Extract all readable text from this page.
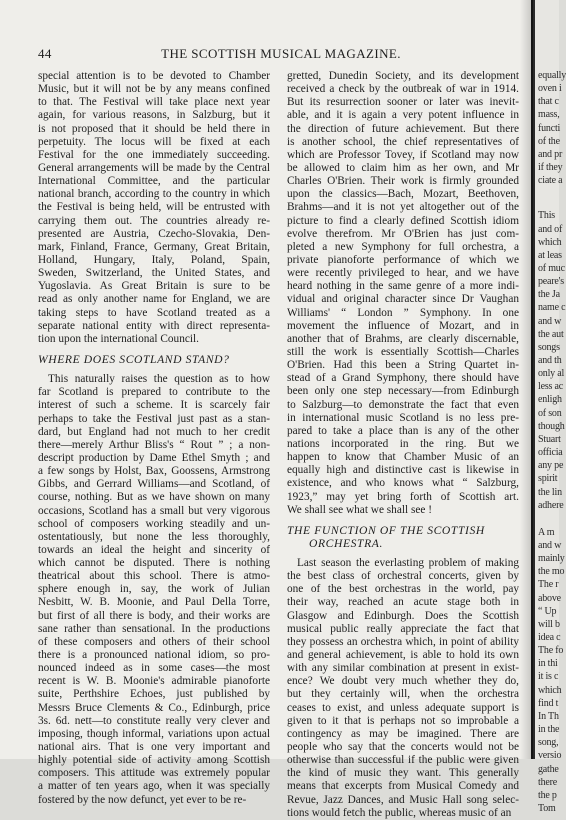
44	THE SCOTTISH MUSICAL MAGAZINE.
special attention is to be devoted to Chamber
Music, but it will not be by any means confined
to that. The Festival will take place next year
again, for various reasons, in Salzburg, but it
is not proposed that it should be held there in
perpetuity. The locus will be fixed at each
Festival for the one immediately succeeding.
General arrangements will be made by the Central
International Committee, and the particular
national branch, according to the country in which
the Festival is being held, will be entrusted with
carrying them out. The countries already re-
presented are Austria, Czecho-Slovakia, Den-
mark, Finland, France, Germany, Great Britain,
Holland, Hungary, Italy, Poland, Spain,
Sweden, Switzerland, the United States, and
Yugoslavia. As Great Britain is sure to be
read as only another name for England, we are
taking steps to have Scotland treated as a
separate national entity with direct representa-
tion upon the international Council.
WHERE DOES SCOTLAND STAND?
This naturally raises the question as to how
far Scotland is prepared to contribute to the
interest of such a scheme. It is scarcely fair
perhaps to take the Festival just past as a stan-
dard, but England had not much to her credit
there—merely Arthur Bliss's “ Rout ” ; a non-
descript production by Dame Ethel Smyth ; and
a few songs by Holst, Bax, Goossens, Armstrong
Gibbs, and Gerrard Williams—and Scotland, of
course, nothing. But as we have shown on many
occasions, Scotland has a small but very vigorous
school of composers working steadily and un-
ostentatiously, but none the less thoroughly,
towards an ideal the height and sincerity of
which cannot be disputed. There is nothing
theatrical about this school. There is atmo-
sphere enough in, say, the work of Julian
Nesbitt, W. B. Moonie, and Paul Della Torre,
but first of all there is body, and their works are
sane rather than sensational. In the productions
of these composers and others of their school
there is a pronounced national idiom, so pro-
nounced indeed as in some cases—the most
recent is W. B. Moonie's admirable pianoforte
suite, Perthshire Echoes, just published by
Messrs Bruce Clements & Co., Edinburgh, price
3s. 6d. nett—to constitute really very clever and
imposing, though informal, variations upon actual
national airs. That is one very important and
highly potential side of activity among Scottish
composers. This attitude was extremely popular
a matter of ten years ago, when it was specially
fostered by the now defunct, yet ever to be re-
gretted, Dunedin Society, and its development
received a check by the outbreak of war in 1914.
But its resurrection sooner or later was inevit-
able, and it is again a very potent influence in
the direction of future achievement. But there
is another school, the chief representatives of
which are Professor Tovey, if Scotland may now
be allowed to claim him as her own, and Mr
Charles O'Brien. Their work is firmly grounded
upon the classics—Bach, Mozart, Beethoven,
Brahms—and it is not yet altogether out of the
picture to find a clearly defined Scottish idiom
evolve therefrom. Mr O'Brien has just com-
pleted a new Symphony for full orchestra, a
private pianoforte performance of which we
were recently privileged to hear, and we have
heard nothing in the same genre of a more indi-
vidual and original character since Dr Vaughan
Williams' “ London ” Symphony. In one
movement the influence of Mozart, and in
another that of Brahms, are clearly discernable,
still the work is essentially Scottish—Charles
O'Brien. Had this been a String Quartet in-
stead of a Grand Symphony, there should have
been only one step necessary—from Edinburgh
to Salzburg—to demonstrate the fact that even
in international music Scotland is no less pre-
pared to take a place than is any of the other
nations incorporated in the ring. But we
happen to know that Chamber Music of an
equally high and distinctive cast is likewise in
existence, and who knows what “ Salzburg,
1923,” may yet bring forth of Scottish art.
We shall see what we shall see !
THE FUNCTION OF THE SCOTTISH
ORCHESTRA.
Last season the everlasting problem of making
the best class of orchestral concerts, given by
one of the best orchestras in the world, pay
their way, reached an acute stage both in
Glasgow and Edinburgh. Does the Scottish
musical public really appreciate the fact that
they possess an orchestra which, in point of ability
and general achievement, is able to hold its own
with any similar combination at present in exist-
ence? We doubt very much whether they do,
but they certainly will, when the orchestra
ceases to exist, and unless adequate support is
given to it that is perhaps not so improbable a
contingency as may be imagined. There are
people who say that the concerts would not be
otherwise than successful if the public were given
the kind of music they want. This generally
means that excerpts from Musical Comedy and
Revue, Jazz Dances, and Music Hall song selec-
tions would fetch the public, whereas music of an
equally
oven i
that c
mass,
functi
of the
and pr
if they
ciate a
This
and of
which
at leas
of muc
peare's
the Ja
name c
and w
the aut
songs
and th
only al
less ac
enligh
of son
though
Stuart
officia
any pe
spirit
the lin
adhere
A m
and w
mainly
the mo
The r
above
“ Up
will b
idea c
The fo
in thi
it is c
which
find t
In Th
in the
song,
versio
gathe
there
the p
Tom
